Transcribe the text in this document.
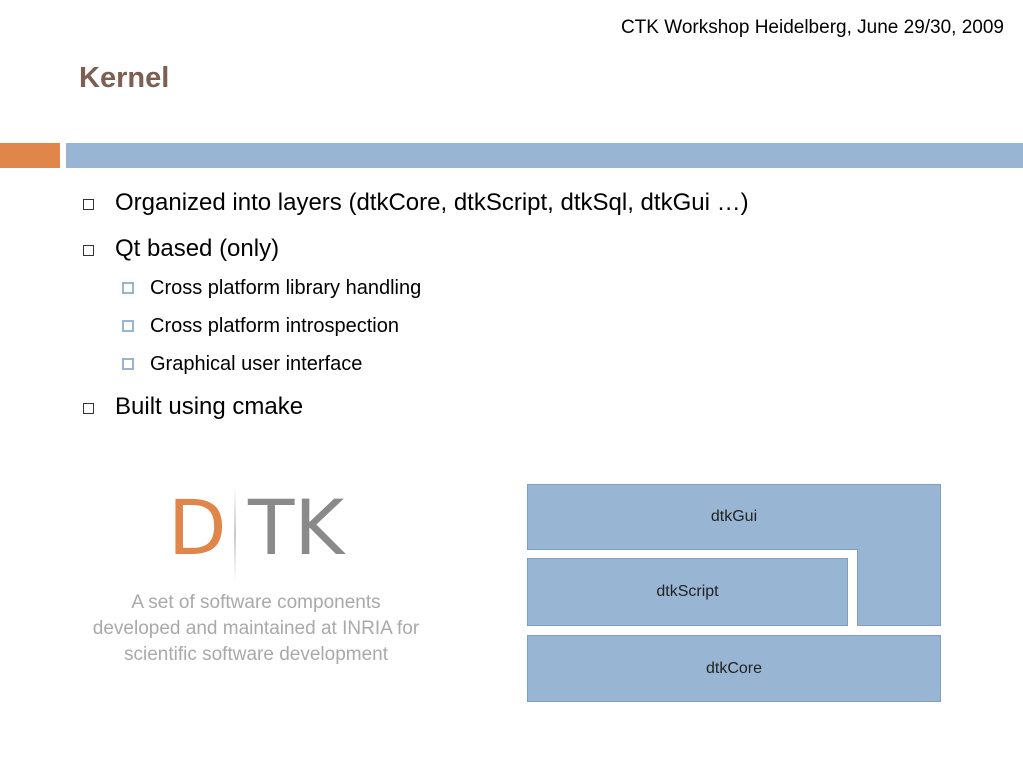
CTK Workshop Heidelberg, June 29/30, 2009
Kernel
Organized into layers (dtkCore, dtkScript, dtkSql, dtkGui …)
Qt based (only)
Cross platform library handling
Cross platform introspection
Graphical user interface
Built using cmake
D TK
A set of software components
developed and maintained at INRIA for
scientific software development
dtkGui
dtkScript
dtkCore
